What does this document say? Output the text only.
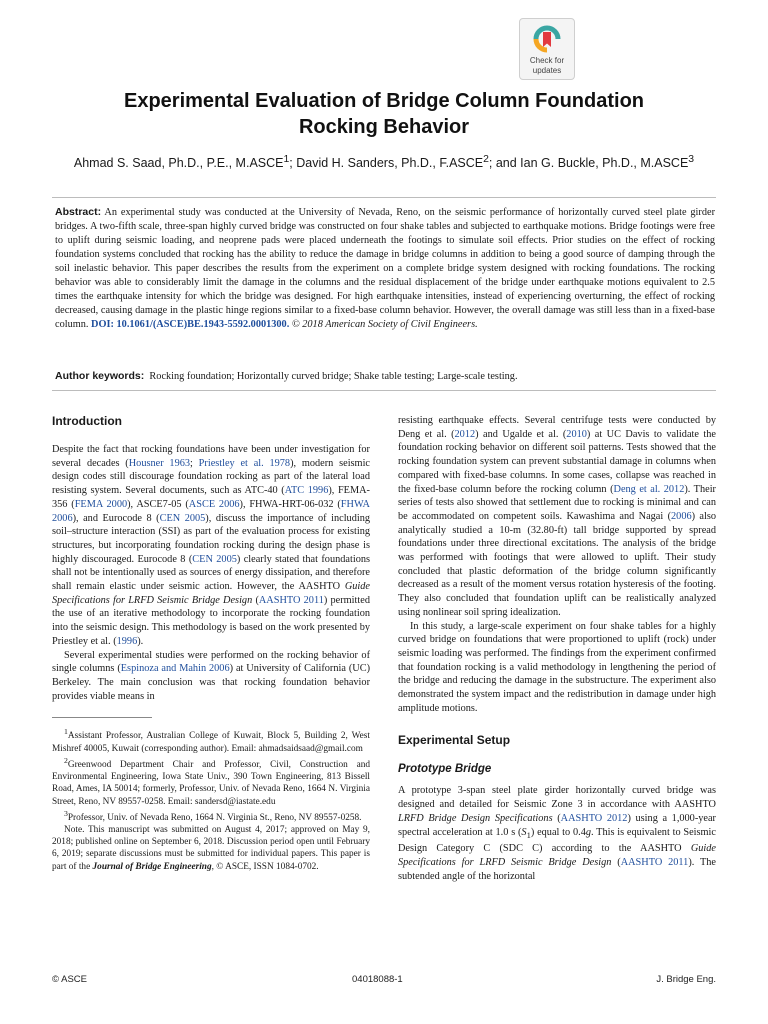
Check for
updates
Experimental Evaluation of Bridge Column Foundation
Rocking Behavior
Ahmad S. Saad, Ph.D., P.E., M.ASCE$^1$; David H. Sanders, Ph.D., F.ASCE$^2$; and Ian G. Buckle, Ph.D., M.ASCE$^3$
Abstract: An experimental study was conducted at the University of Nevada, Reno, on the seismic performance of horizontally curved steel plate girder bridges. A two-fifth scale, three-span highly curved bridge was constructed on four shake tables and subjected to earthquake motions. Bridge footings were free to uplift during seismic loading, and neoprene pads were placed underneath the footings to simulate soil effects. Prior studies on the effect of rocking foundation systems concluded that rocking has the ability to reduce the damage in bridge columns in addition to being a good source of damping through the soil inelastic behavior. This paper describes the results from the experiment on a complete bridge system designed with rocking foundations. The rocking behavior was able to considerably limit the damage in the columns and the residual displacement of the bridge under earthquake motions equivalent to 2.5 times the earthquake intensity for which the bridge was designed. For high earthquake intensities, instead of experiencing overturning, the effect of rocking decreased, causing damage in the plastic hinge regions similar to a fixed-base column behavior. However, the overall damage was still less than in a fixed-base column. DOI: 10.1061/(ASCE)BE.1943-5592.0001300. © 2018 American Society of Civil Engineers.
Author keywords: Rocking foundation; Horizontally curved bridge; Shake table testing; Large-scale testing.
Introduction

Despite the fact that rocking foundations have been under investigation for several decades (Housner 1963; Priestley et al. 1978), modern seismic design codes still discourage foundation rocking as part of the lateral load resisting system. Several documents, such as ATC-40 (ATC 1996), FEMA-356 (FEMA 2000), ASCE7-05 (ASCE 2006), FHWA-HRT-06-032 (FHWA 2006), and Eurocode 8 (CEN 2005), discuss the importance of including soil–structure interaction (SSI) as part of the evaluation process for existing structures, but incorporating foundation rocking during the design phase is highly discouraged. Eurocode 8 (CEN 2005) clearly stated that foundations shall not be intentionally used as sources of energy dissipation, and therefore shall remain elastic under seismic action. However, the AASHTO Guide Specifications for LRFD Seismic Bridge Design (AASHTO 2011) permitted the use of an iterative methodology to incorporate the rocking foundation into the seismic design. This methodology is based on the work presented by Priestley et al. (1996).

Several experimental studies were performed on the rocking behavior of single columns (Espinoza and Mahin 2006) at University of California (UC) Berkeley. The main conclusion was that rocking foundation behavior provides viable means in

$^1$Assistant Professor, Australian College of Kuwait, Block 5, Building 2, West Mishref 40005, Kuwait (corresponding author). Email: ahmadsaidsaad@gmail.com

$^2$Greenwood Department Chair and Professor, Civil, Construction and Environmental Engineering, Iowa State Univ., 390 Town Engineering, 813 Bissell Road, Ames, IA 50014; formerly, Professor, Univ. of Nevada Reno, 1664 N. Virginia Street, Reno, NV 89557-0258. Email: sandersd@iastate.edu

$^3$Professor, Univ. of Nevada Reno, 1664 N. Virginia St., Reno, NV 89557-0258.

Note. This manuscript was submitted on August 4, 2017; approved on May 9, 2018; published online on September 6, 2018. Discussion period open until February 6, 2019; separate discussions must be submitted for individual papers. This paper is part of the Journal of Bridge Engineering, © ASCE, ISSN 1084-0702.

resisting earthquake effects. Several centrifuge tests were conducted by Deng et al. (2012) and Ugalde et al. (2010) at UC Davis to validate the foundation rocking behavior on different soil patterns. Tests showed that the rocking foundation system can prevent substantial damage in columns when compared with fixed-base columns. In some cases, collapse was reached in the fixed-base column before the rocking column (Deng et al. 2012). Their series of tests also showed that settlement due to rocking is minimal and can be accommodated on competent soils. Kawashima and Nagai (2006) also analytically studied a 10-m (32.80-ft) tall bridge supported by spread foundations under three directional excitations. The analysis of the bridge was performed with footings that were allowed to uplift. Their study concluded that plastic deformation of the bridge column significantly decreased as a result of the moment versus rotation hysteresis of the footing. They also concluded that foundation uplift can be realistically analyzed using nonlinear soil spring idealization.

In this study, a large-scale experiment on four shake tables for a highly curved bridge on foundations that were proportioned to uplift (rock) under seismic loading was performed. The findings from the experiment confirmed that foundation rocking is a valid methodology in lengthening the period of the bridge and reducing the damage in the substructure. The experiment also demonstrated the system impact and the redistribution in damage under high amplitude motions.

Experimental Setup
Prototype Bridge

A prototype 3-span steel plate girder horizontally curved bridge was designed and detailed for Seismic Zone 3 in accordance with AASHTO LRFD Bridge Design Specifications (AASHTO 2012) using a 1,000-year spectral acceleration at 1.0 s $(S_1)$ equal to 0.4g. This is equivalent to Seismic Design Category C (SDC C) according to the AASHTO Guide Specifications for LRFD Seismic Bridge Design (AASHTO 2011). The subtended angle of the horizontal

© ASCE	04018088-1	J. Bridge Eng.
